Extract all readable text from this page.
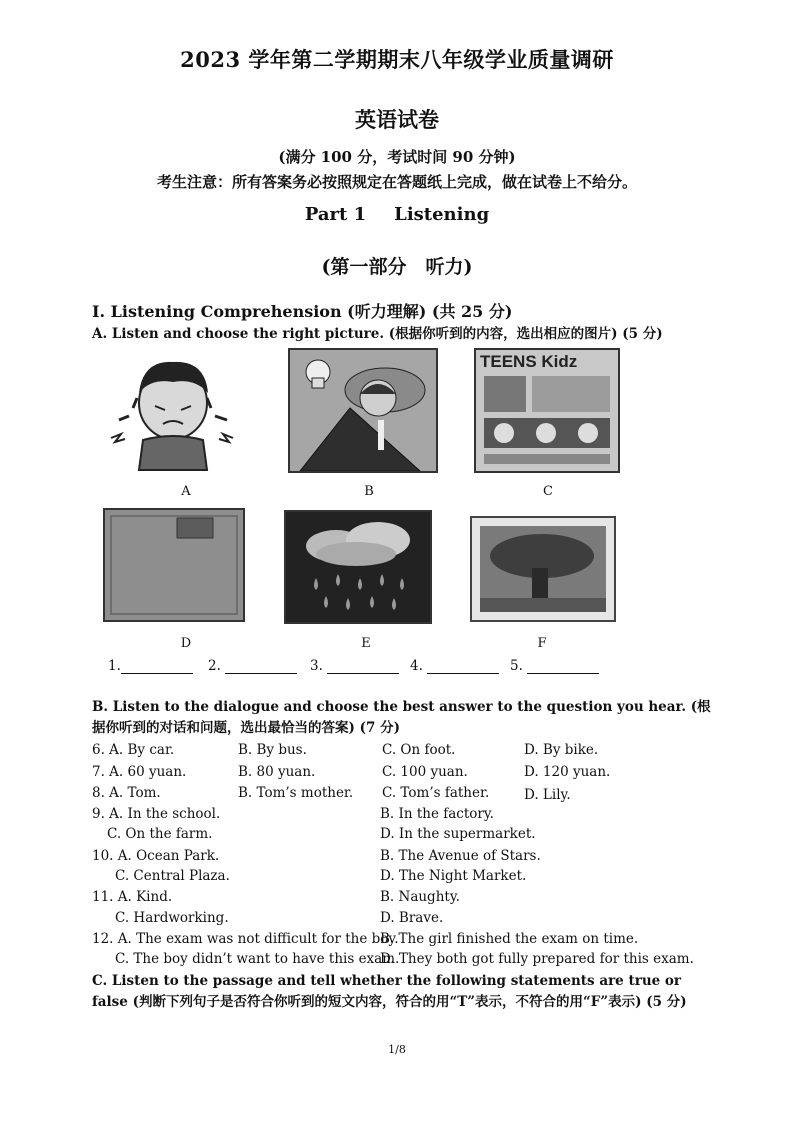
2023 学年第二学期期末八年级学业质量调研
英语试卷
(满分 100 分，考试时间 90 分钟)
考生注意：所有答案务必按照规定在答题纸上完成，做在试卷上不给分。
Part 1 Listening
(第一部分　听力)
I. Listening Comprehension (听力理解) (共 25 分)
A. Listen and choose the right picture. (根据你听到的内容，选出相应的图片) (5 分)
TEENS Kidz
A	B	C
D	E	F
1.	2.	3.	4.	5.
B. Listen to the dialogue and choose the best answer to the question you hear. (根据你听到的对话和问题，选出最恰当的答案) (7 分)
6. A. By car.	B. By bus.	C. On foot.	D. By bike.
7. A. 60 yuan.	B. 80 yuan.	C. 100 yuan.	D. 120 yuan.
8. A. Tom.	B. Tom’s mother. C. Tom’s father.	D. Lily.
9. A. In the school.	B. In the factory.
C. On the farm.	D. In the supermarket.
10. A. Ocean Park.	B. The Avenue of Stars.
C. Central Plaza.	D. The Night Market.
11. A. Kind.	B. Naughty.
C. Hardworking.	D. Brave.
12. A. The exam was not difficult for the boy.
B. The girl finished the exam on time.
C. The boy didn’t want to have this exam.
D. They both got fully prepared for this exam.
C. Listen to the passage and tell whether the following statements are true or false (判断下列句子是否符合你听到的短文内容，符合的用“T”表示，不符合的用“F”表示) (5 分)
1/8
